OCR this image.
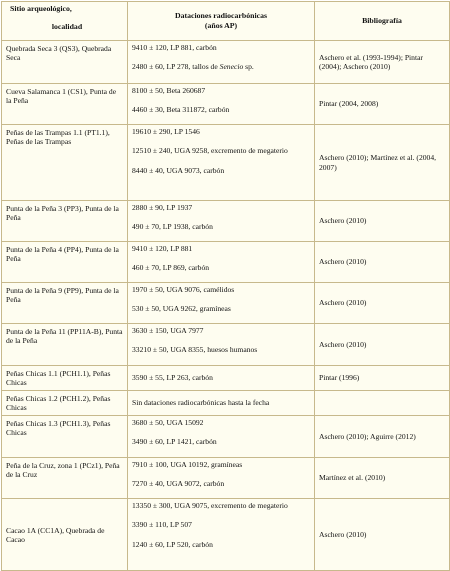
Sitio arqueológico,
localidad	Dataciones radiocarbónicas
(años AP)	Bibliografía
Quebrada Seca 3 (QS3), Quebrada Seca	9410 ± 120, LP 881, carbón
2480 ± 60, LP 278, tallos de Senecio sp.	Aschero et al. (1993-1994); Pintar (2004); Aschero (2010)
Cueva Salamanca 1 (CS1), Punta de la Peña	8100 ± 50, Beta 260687
4460 ± 30, Beta 311872, carbón	Pintar (2004, 2008)
Peñas de las Trampas 1.1 (PT1.1), Peñas de las Trampas	19610 ± 290, LP 1546
12510 ± 240, UGA 9258, excremento de megaterio
8440 ± 40, UGA 9073, carbón	Aschero (2010); Martínez et al. (2004, 2007)
Punta de la Peña 3 (PP3), Punta de la Peña	2880 ± 90, LP 1937
490 ± 70, LP 1938, carbón	Aschero (2010)
Punta de la Peña 4 (PP4), Punta de la Peña	9410 ± 120, LP 881
460 ± 70, LP 869, carbón	Aschero (2010)
Punta de la Peña 9 (PP9), Punta de la Peña	1970 ± 50, UGA 9076, camélidos
530 ± 50, UGA 9262, gramíneas	Aschero (2010)
Punta de la Peña 11 (PP11A-B), Punta de la Peña	3630 ± 150, UGA 7977
33210 ± 50, UGA 8355, huesos humanos	Aschero (2010)
Peñas Chicas 1.1 (PCH1.1), Peñas Chicas	3590 ± 55, LP 263, carbón	Pintar (1996)
Peñas Chicas 1.2 (PCH1.2), Peñas Chicas	Sin dataciones radiocarbónicas hasta la fecha	

Peñas Chicas 1.3 (PCH1.3), Peñas Chicas	3680 ± 50, UGA 15092
3490 ± 60, LP 1421, carbón	Aschero (2010); Aguirre (2012)
Peña de la Cruz, zona 1 (PCz1), Peña de la Cruz	7910 ± 100, UGA 10192, gramíneas
7270 ± 40, UGA 9072, carbón	Martínez et al. (2010)
Cacao 1A (CC1A), Quebrada de Cacao	13350 ± 300, UGA 9075, excremento de megaterio
3390 ± 110, LP 507
1240 ± 60, LP 520, carbón	Aschero (2010)
